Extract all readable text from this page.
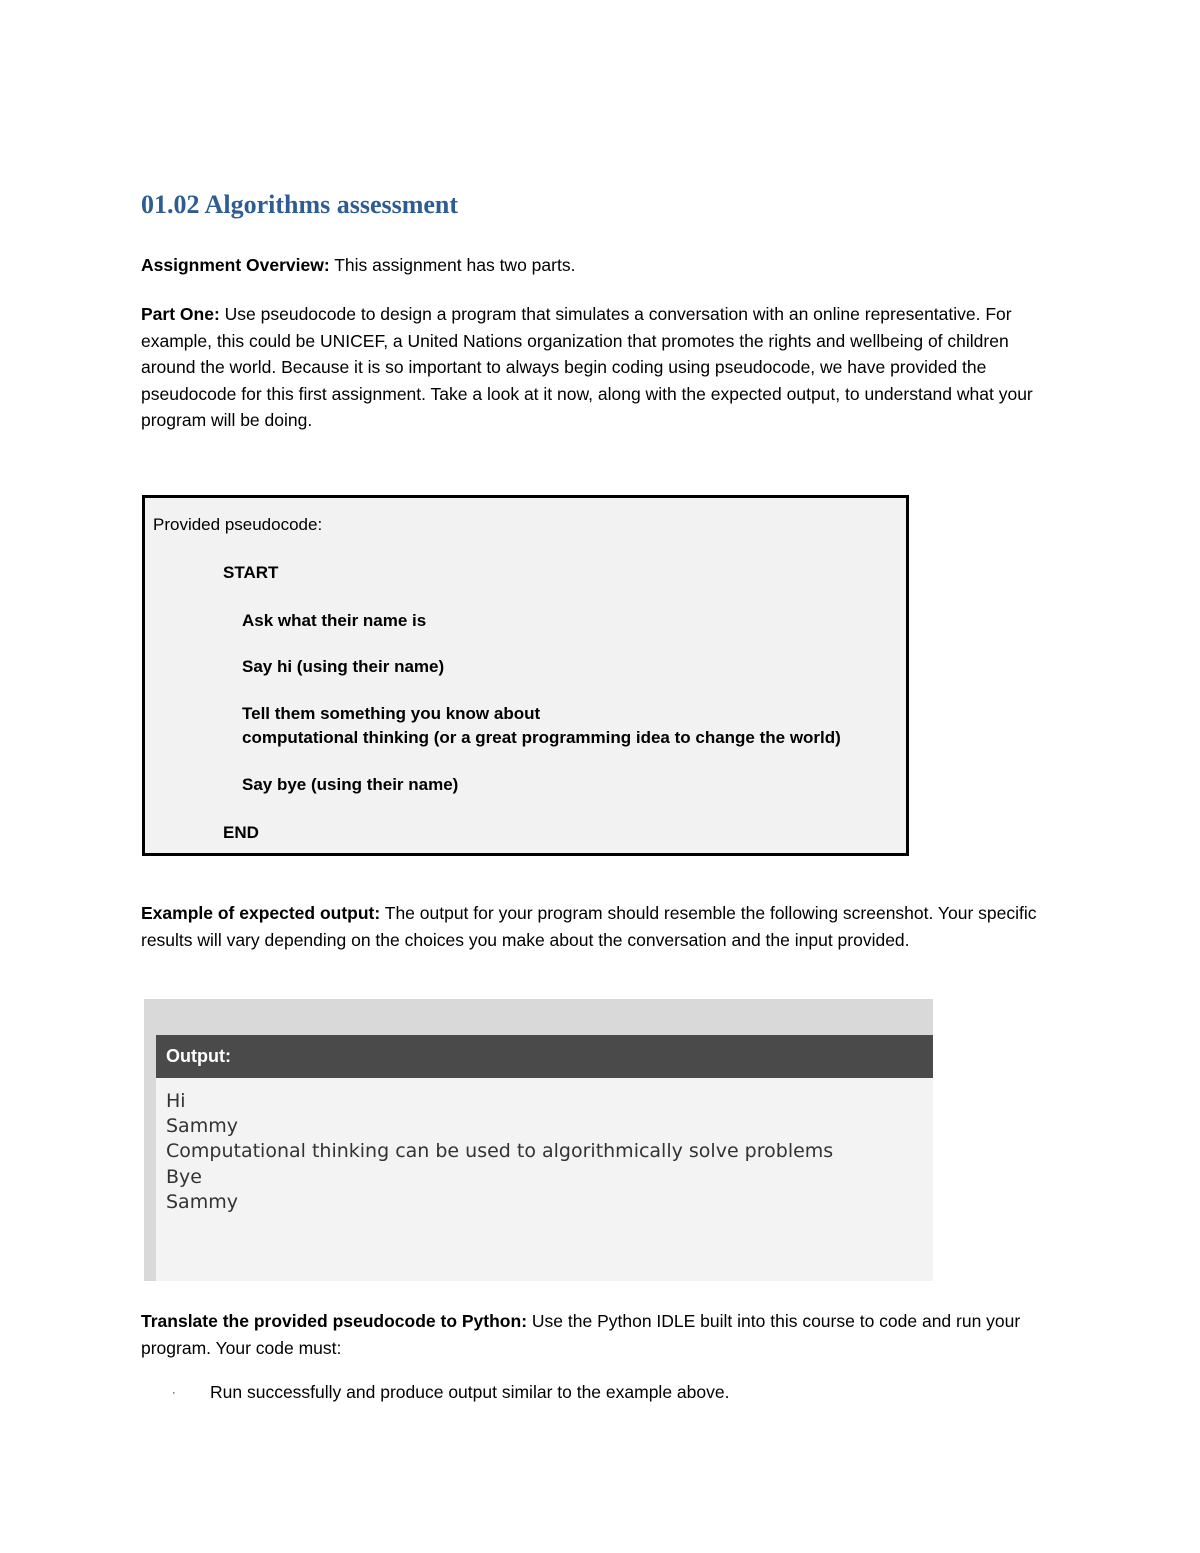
01.02 Algorithms assessment

Assignment Overview: This assignment has two parts.

Part One: Use pseudocode to design a program that simulates a conversation with an online representative. For example, this could be UNICEF, a United Nations organization that promotes the rights and wellbeing of children around the world. Because it is so important to always begin coding using pseudocode, we have provided the pseudocode for this first assignment. Take a look at it now, along with the expected output, to understand what your program will be doing.

Provided pseudocode:
START
Ask what their name is
Say hi (using their name)
Tell them something you know about
computational thinking (or a great programming idea to change the world)
Say bye (using their name)
END

Example of expected output: The output for your program should resemble the following screenshot. Your specific results will vary depending on the choices you make about the conversation and the input provided.

Output:
Hi
Sammy
Computational thinking can be used to algorithmically solve problems
Bye
Sammy

Translate the provided pseudocode to Python: Use the Python IDLE built into this course to code and run your program. Your code must:

· Run successfully and produce output similar to the example above.
